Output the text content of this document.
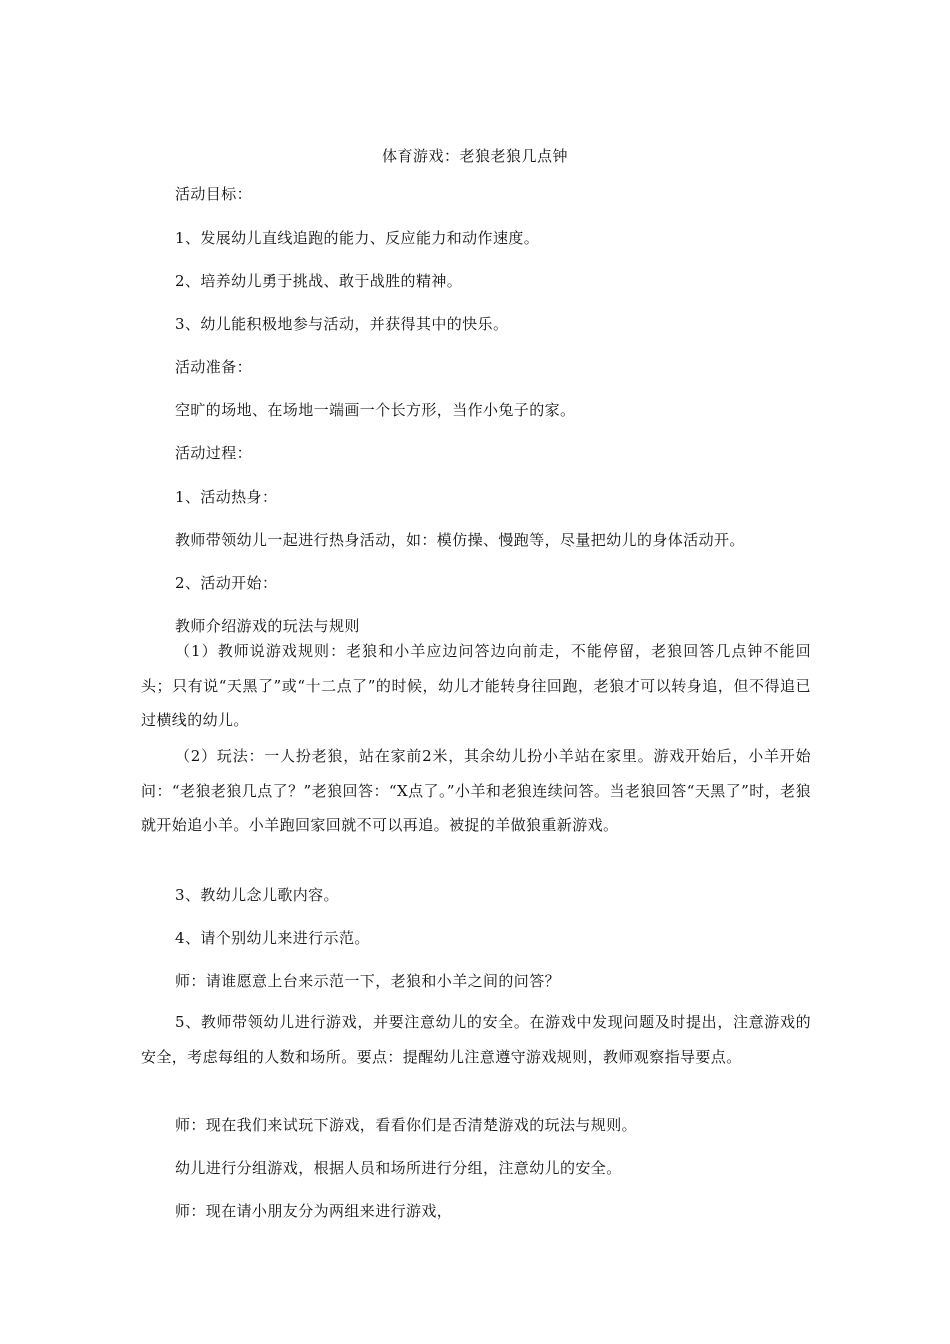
体育游戏：老狼老狼几点钟

活动目标：

1、发展幼儿直线追跑的能力、反应能力和动作速度。

2、培养幼儿勇于挑战、敢于战胜的精神。

3、幼儿能积极地参与活动，并获得其中的快乐。

活动准备：

空旷的场地、在场地一端画一个长方形，当作小兔子的家。

活动过程：

1、活动热身：

教师带领幼儿一起进行热身活动，如：模仿操、慢跑等，尽量把幼儿的身体活动开。

2、活动开始：

教师介绍游戏的玩法与规则

（1）教师说游戏规则：老狼和小羊应边问答边向前走，不能停留，老狼回答几点钟不能回头；只有说“天黑了”或“十二点了”的时候，幼儿才能转身往回跑，老狼才可以转身追，但不得追已过横线的幼儿。

（2）玩法：一人扮老狼，站在家前2米，其余幼儿扮小羊站在家里。游戏开始后，小羊开始问：“老狼老狼几点了？”老狼回答：“X点了。”小羊和老狼连续问答。当老狼回答“天黑了”时，老狼就开始追小羊。小羊跑回家回就不可以再追。被捉的羊做狼重新游戏。

3、教幼儿念儿歌内容。

4、请个别幼儿来进行示范。

师：请谁愿意上台来示范一下，老狼和小羊之间的问答？

5、教师带领幼儿进行游戏，并要注意幼儿的安全。在游戏中发现问题及时提出，注意游戏的安全，考虑每组的人数和场所。要点：提醒幼儿注意遵守游戏规则，教师观察指导要点。

师：现在我们来试玩下游戏，看看你们是否清楚游戏的玩法与规则。

幼儿进行分组游戏，根据人员和场所进行分组，注意幼儿的安全。

师：现在请小朋友分为两组来进行游戏，
